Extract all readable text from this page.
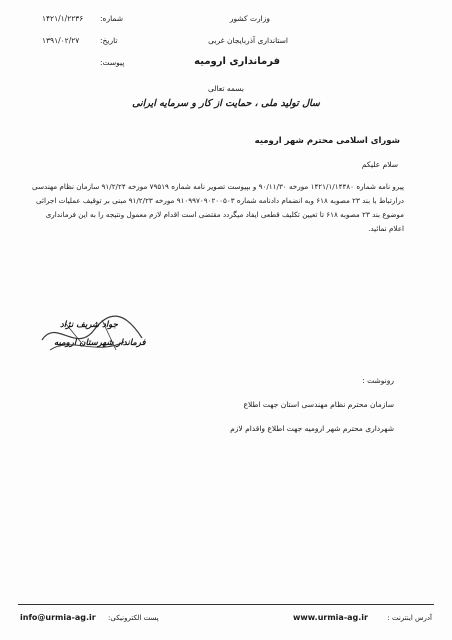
وزارت کشور
استانداری آذربایجان غربی
فرمانداری ارومیه
شماره:
۱۴۲۱/۱/۲۲۳۶
تاریخ:
۱۳۹۱/۰۲/۲۷
پیوست:
بسمه تعالی
سال تولید ملی ، حمایت از کار و سرمایه ایرانی
شورای اسلامی محترم شهر ارومیه
سلام علیکم
پیرو نامه شماره ۱۴۲۱/۱/۱۴۴۸۰ مورخه ۹۰/۱۱/۳۰ و بپیوست تصویر نامه شماره ۷۹۵۱۹ مورخه ۹۱/۲/۲۴ سازمان نظام مهندسی
درارتباط با بند ۲۳ مصوبه ۶۱۸ وبه انضمام دادنامه شماره ۹۱۰۹۹۷۰۹۰۲۰۰۵۰۳ مورخه ۹۱/۲/۲۳ مبنی بر توقیف عملیات اجرائی
موضوع بند ۲۳ مصوبه ۶۱۸ تا تعیین تکلیف قطعی ایفاد میگردد مقتضی است اقدام لازم معمول ونتیجه را به این فرمانداری
اعلام نمائید.
جواد شریف نژاد
فرماندار شهرستان ارومیه
رونوشت :
سازمان محترم نظام مهندسی استان جهت اطلاع
شهرداری محترم شهر ارومیه جهت اطلاع واقدام لازم
آدرس اینترنت :
www.urmia-ag.ir
پست الکترونیکی:
info@urmia-ag.ir
